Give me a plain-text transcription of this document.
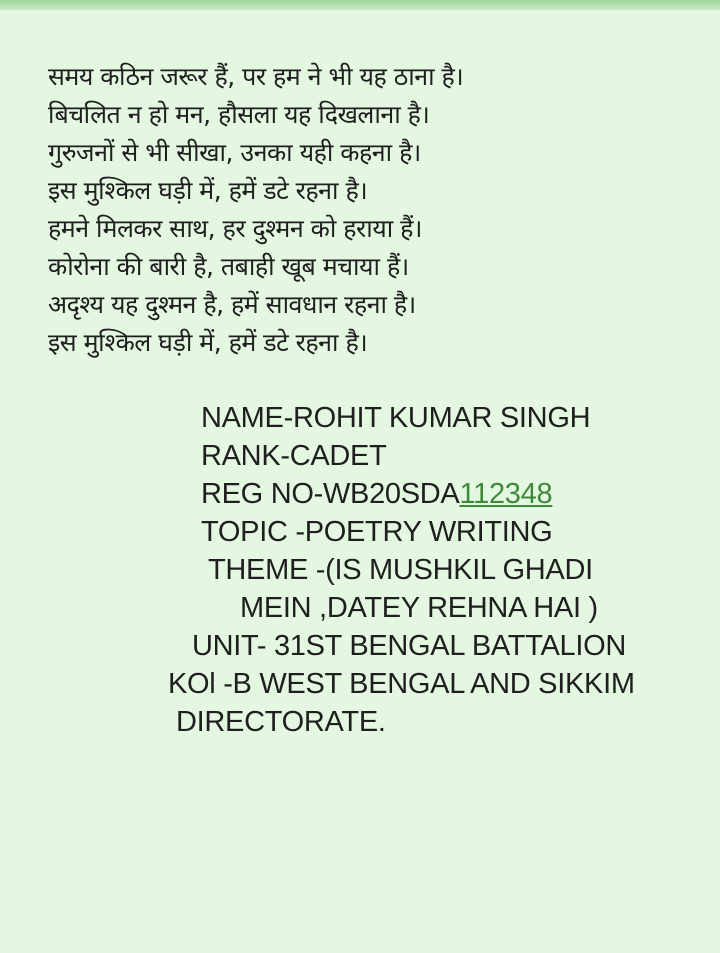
समय कठिन जरूर हैं, पर हम ने भी यह ठाना है।
बिचलित न हो मन, हौसला यह दिखलाना है।
गुरुजनों से भी सीखा, उनका यही कहना है।
इस मुश्किल घड़ी में, हमें डटे रहना है।
हमने मिलकर साथ, हर दुश्मन को हराया हैं।
कोरोना की बारी है, तबाही खूब मचाया हैं।
अदृश्य यह दुश्मन है, हमें सावधान रहना है।
इस मुश्किल घड़ी में, हमें डटे रहना है।
NAME-ROHIT KUMAR SINGH
RANK-CADET
REG NO-WB20SDA112348
TOPIC -POETRY WRITING
THEME -(IS MUSHKIL GHADI
MEIN ,DATEY REHNA HAI )
UNIT- 31ST BENGAL BATTALION
KOl -B WEST BENGAL AND SIKKIM
DIRECTORATE.
